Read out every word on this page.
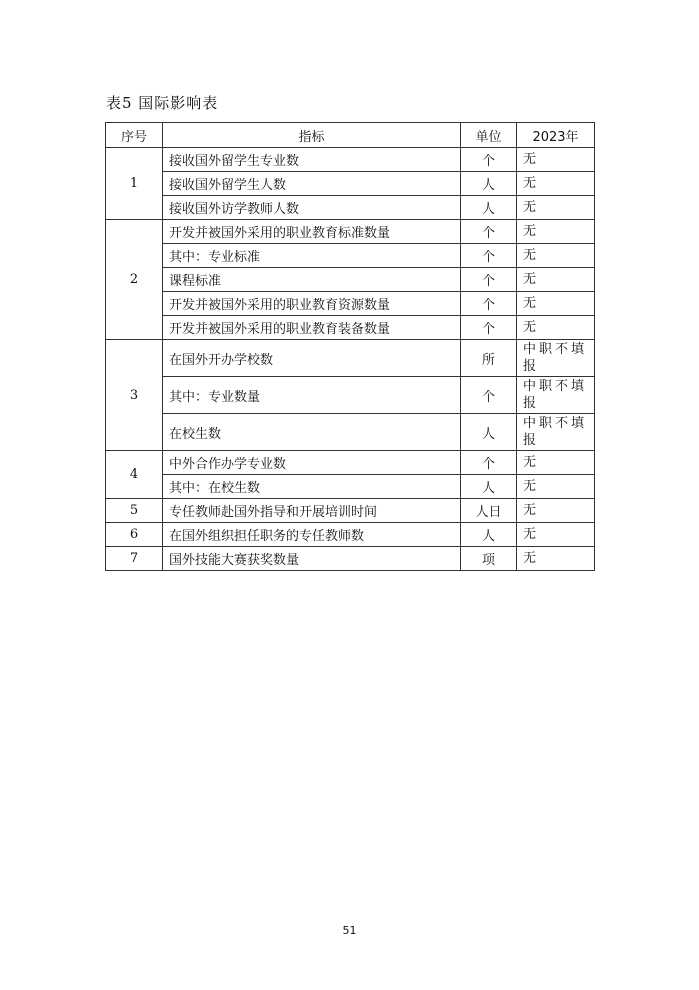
表5 国际影响表
序号	指标	单位	2023年
1	接收国外留学生专业数	个	无
	接收国外留学生人数	人	无
	接收国外访学教师人数	人	无
2	开发并被国外采用的职业教育标准数量	个	无
	其中：专业标准	个	无
	课程标准	个	无
	开发并被国外采用的职业教育资源数量	个	无
	开发并被国外采用的职业教育装备数量	个	无
3	在国外开办学校数	所	中职不填报

	其中：专业数量	个	中职不填报

	在校生数	人	中职不填报

4	中外合作办学专业数	个	无
	其中：在校生数	人	无
5	专任教师赴国外指导和开展培训时间	人日	无
6	在国外组织担任职务的专任教师数	人	无
7	国外技能大赛获奖数量	项	无
51
